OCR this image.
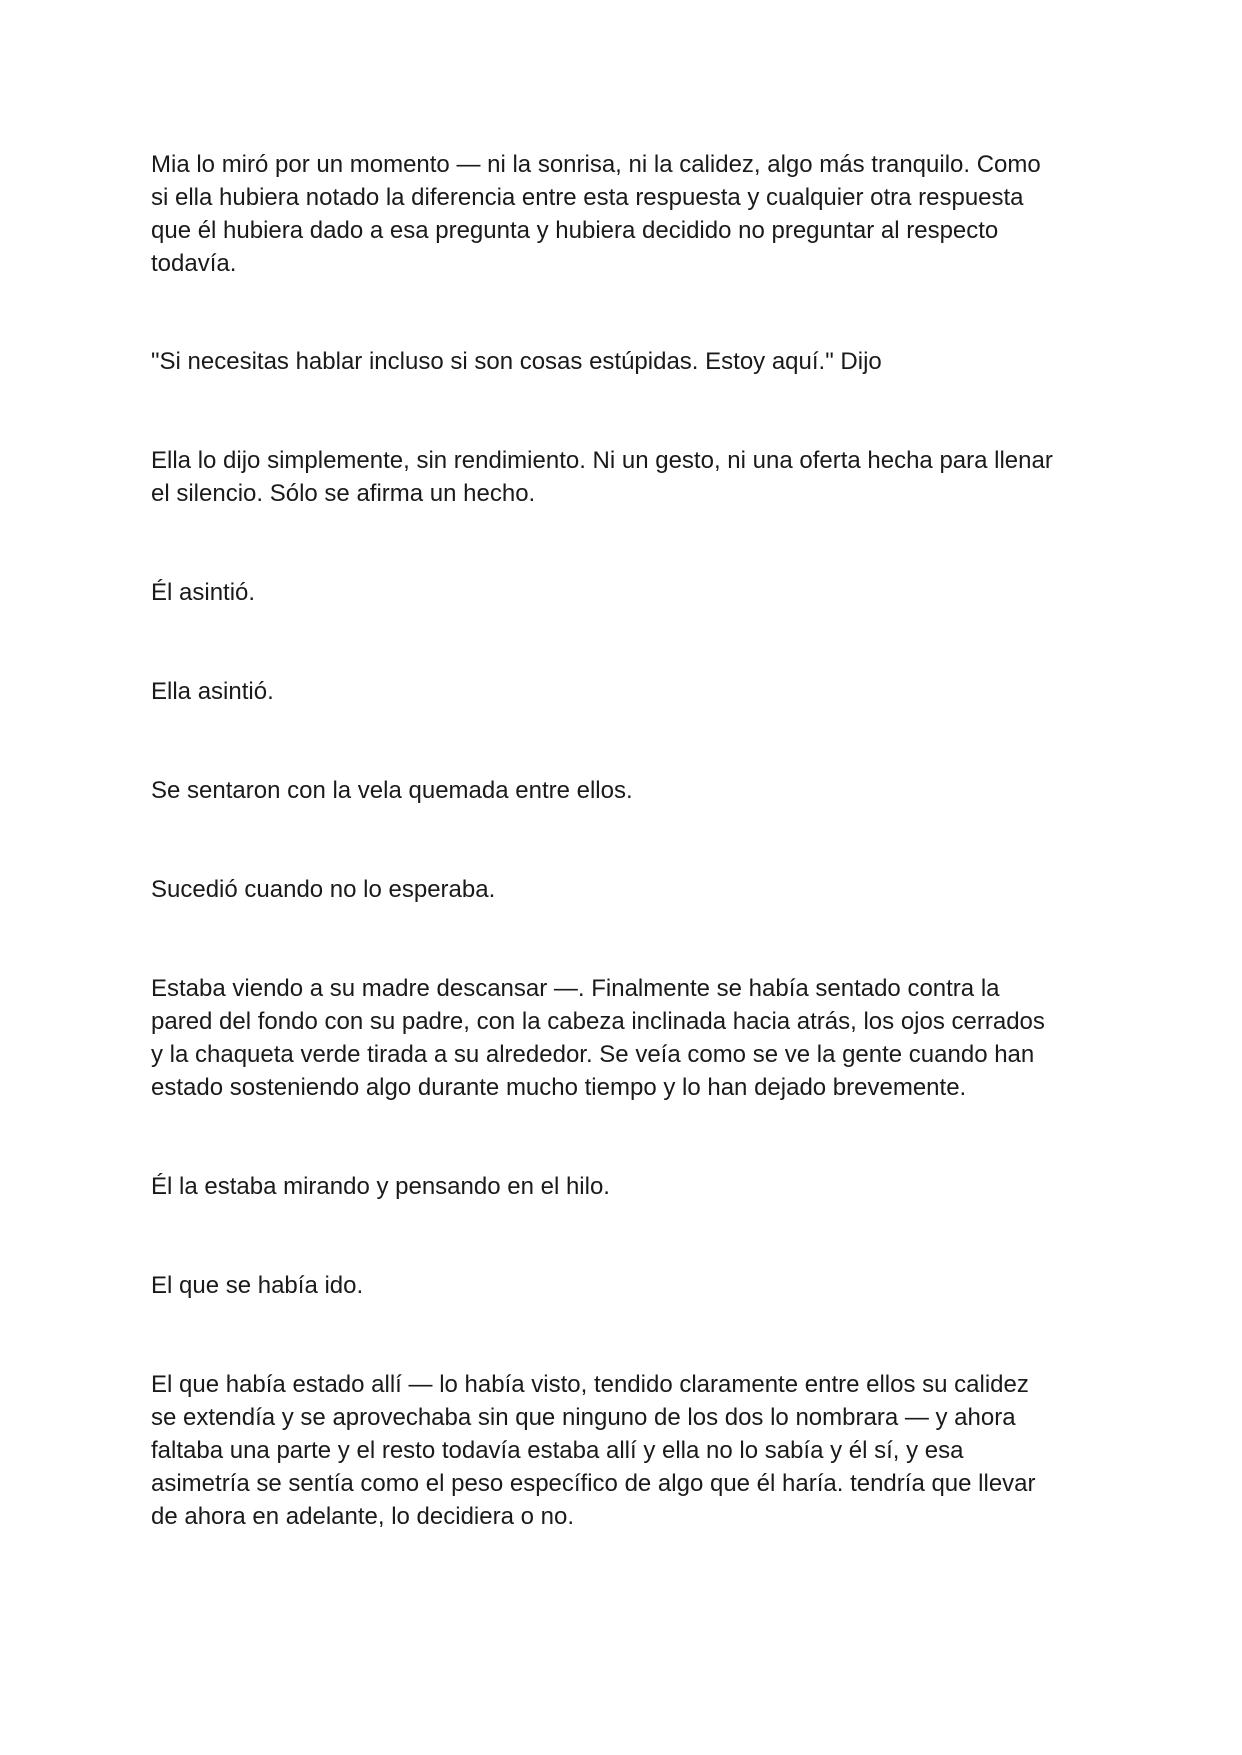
Mia lo miró por un momento — ni la sonrisa, ni la calidez, algo más tranquilo. Como
si ella hubiera notado la diferencia entre esta respuesta y cualquier otra respuesta
que él hubiera dado a esa pregunta y hubiera decidido no preguntar al respecto
todavía.

"Si necesitas hablar incluso si son cosas estúpidas. Estoy aquí." Dijo

Ella lo dijo simplemente, sin rendimiento. Ni un gesto, ni una oferta hecha para llenar
el silencio. Sólo se afirma un hecho.

Él asintió.

Ella asintió.

Se sentaron con la vela quemada entre ellos.

Sucedió cuando no lo esperaba.

Estaba viendo a su madre descansar —. Finalmente se había sentado contra la
pared del fondo con su padre, con la cabeza inclinada hacia atrás, los ojos cerrados
y la chaqueta verde tirada a su alrededor. Se veía como se ve la gente cuando han
estado sosteniendo algo durante mucho tiempo y lo han dejado brevemente.

Él la estaba mirando y pensando en el hilo.

El que se había ido.

El que había estado allí — lo había visto, tendido claramente entre ellos su calidez
se extendía y se aprovechaba sin que ninguno de los dos lo nombrara — y ahora
faltaba una parte y el resto todavía estaba allí y ella no lo sabía y él sí, y esa
asimetría se sentía como el peso específico de algo que él haría. tendría que llevar
de ahora en adelante, lo decidiera o no.
